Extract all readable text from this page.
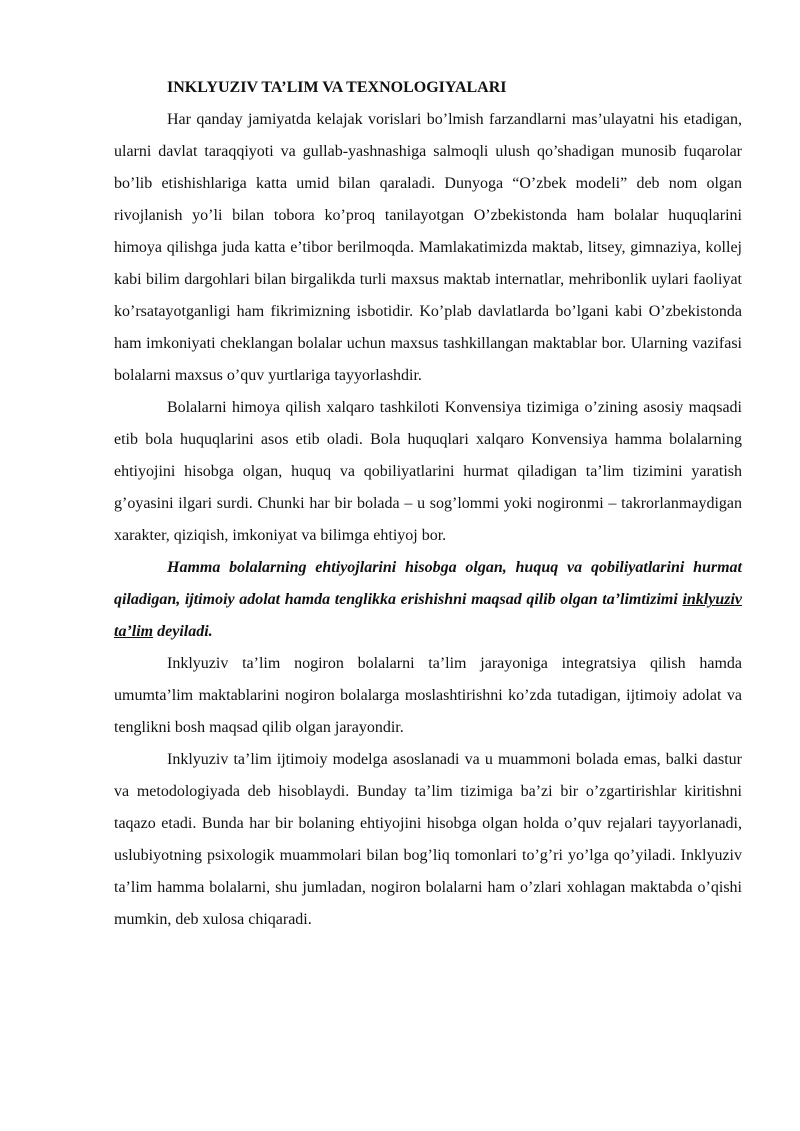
INKLYUZIV TA’LIM VA TEXNOLOGIYALARI

Har qanday jamiyatda kelajak vorislari bo’lmish farzandlarni mas’ulayatni his etadigan, ularni davlat taraqqiyoti va gullab-yashnashiga salmoqli ulush qo’shadigan munosib fuqarolar bo’lib etishishlariga katta umid bilan qaraladi. Dunyoga “O’zbek modeli” deb nom olgan rivojlanish yo’li bilan tobora ko’proq tanilayotgan O’zbekistonda ham bolalar huquqlarini himoya qilishga juda katta e’tibor berilmoqda. Mamlakatimizda maktab, litsey, gimnaziya, kollej kabi bilim dargohlari bilan birgalikda turli maxsus maktab internatlar, mehribonlik uylari faoliyat ko’rsatayotganligi ham fikrimizning isbotidir. Ko’plab davlatlarda bo’lgani kabi O’zbekistonda ham imkoniyati cheklangan bolalar uchun maxsus tashkillangan maktablar bor. Ularning vazifasi bolalarni maxsus o’quv yurtlariga tayyorlashdir.

Bolalarni himoya qilish xalqaro tashkiloti Konvensiya tizimiga o’zining asosiy maqsadi etib bola huquqlarini asos etib oladi. Bola huquqlari xalqaro Konvensiya hamma bolalarning ehtiyojini hisobga olgan, huquq va qobiliyatlarini hurmat qiladigan ta’lim tizimini yaratish g’oyasini ilgari surdi. Chunki har bir bolada – u sog’lommi yoki nogironmi – takrorlanmaydigan xarakter, qiziqish, imkoniyat va bilimga ehtiyoj bor.

Hamma bolalarning ehtiyojlarini hisobga olgan, huquq va qobiliyatlarini hurmat qiladigan, ijtimoiy adolat hamda tenglikka erishishni maqsad qilib olgan ta’limtizimi inklyuziv ta’lim deyiladi.

Inklyuziv ta’lim nogiron bolalarni ta’lim jarayoniga integratsiya qilish hamda umumta’lim maktablarini nogiron bolalarga moslashtirishni ko’zda tutadigan, ijtimoiy adolat va tenglikni bosh maqsad qilib olgan jarayondir.

Inklyuziv ta’lim ijtimoiy modelga asoslanadi va u muammoni bolada emas, balki dastur va metodologiyada deb hisoblaydi. Bunday ta’lim tizimiga ba’zi bir o’zgartirishlar kiritishni taqazo etadi. Bunda har bir bolaning ehtiyojini hisobga olgan holda o’quv rejalari tayyorlanadi, uslubiyotning psixologik muammolari bilan bog’liq tomonlari to’g’ri yo’lga qo’yiladi. Inklyuziv ta’lim hamma bolalarni, shu jumladan, nogiron bolalarni ham o’zlari xohlagan maktabda o’qishi mumkin, deb xulosa chiqaradi.
